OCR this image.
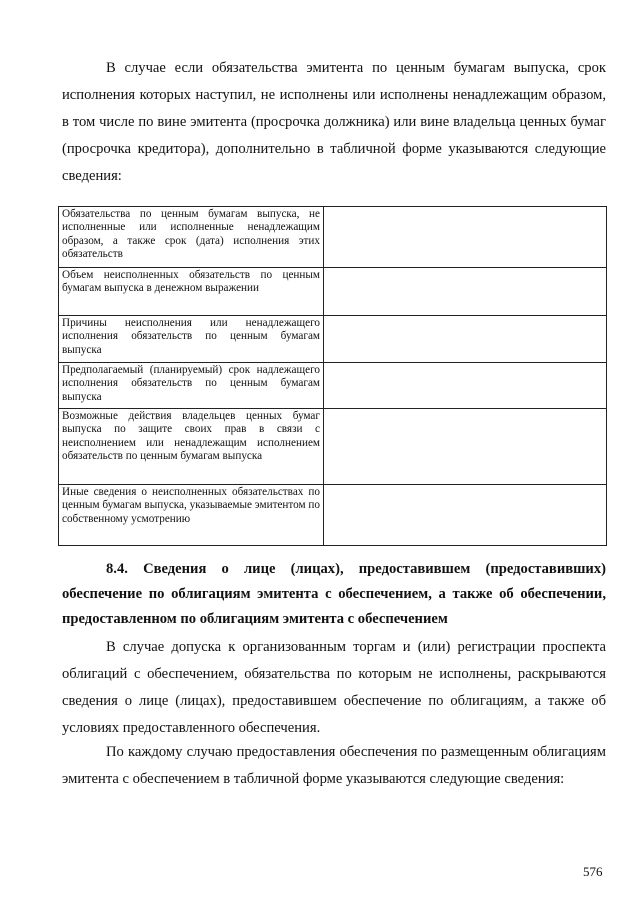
В случае если обязательства эмитента по ценным бумагам выпуска, срок исполнения которых наступил, не исполнены или исполнены ненадлежащим образом, в том числе по вине эмитента (просрочка должника) или вине владельца ценных бумаг (просрочка кредитора), дополнительно в табличной форме указываются следующие сведения:

Обязательства по ценным бумагам выпуска, не исполненные или исполненные ненадлежащим образом, а также срок (дата) исполнения этих обязательств	
Объем неисполненных обязательств по ценным бумагам выпуска в денежном выражении	
Причины неисполнения или ненадлежащего исполнения обязательств по ценным бумагам выпуска	
Предполагаемый (планируемый) срок надлежащего исполнения обязательств по ценным бумагам выпуска	
Возможные действия владельцев ценных бумаг выпуска по защите своих прав в связи с неисполнением или ненадлежащим исполнением обязательств по ценным бумагам выпуска	
Иные сведения о неисполненных обязательствах по ценным бумагам выпуска, указываемые эмитентом по собственному усмотрению	
8.4. Сведения о лице (лицах), предоставившем (предоставивших) обеспечение по облигациям эмитента с обеспечением, а также об обеспечении, предоставленном по облигациям эмитента с обеспечением

В случае допуска к организованным торгам и (или) регистрации проспекта облигаций с обеспечением, обязательства по которым не исполнены, раскрываются сведения о лице (лицах), предоставившем обеспечение по облигациям, а также об условиях предоставленного обеспечения.

По каждому случаю предоставления обеспечения по размещенным облигациям эмитента с обеспечением в табличной форме указываются следующие сведения:

576
